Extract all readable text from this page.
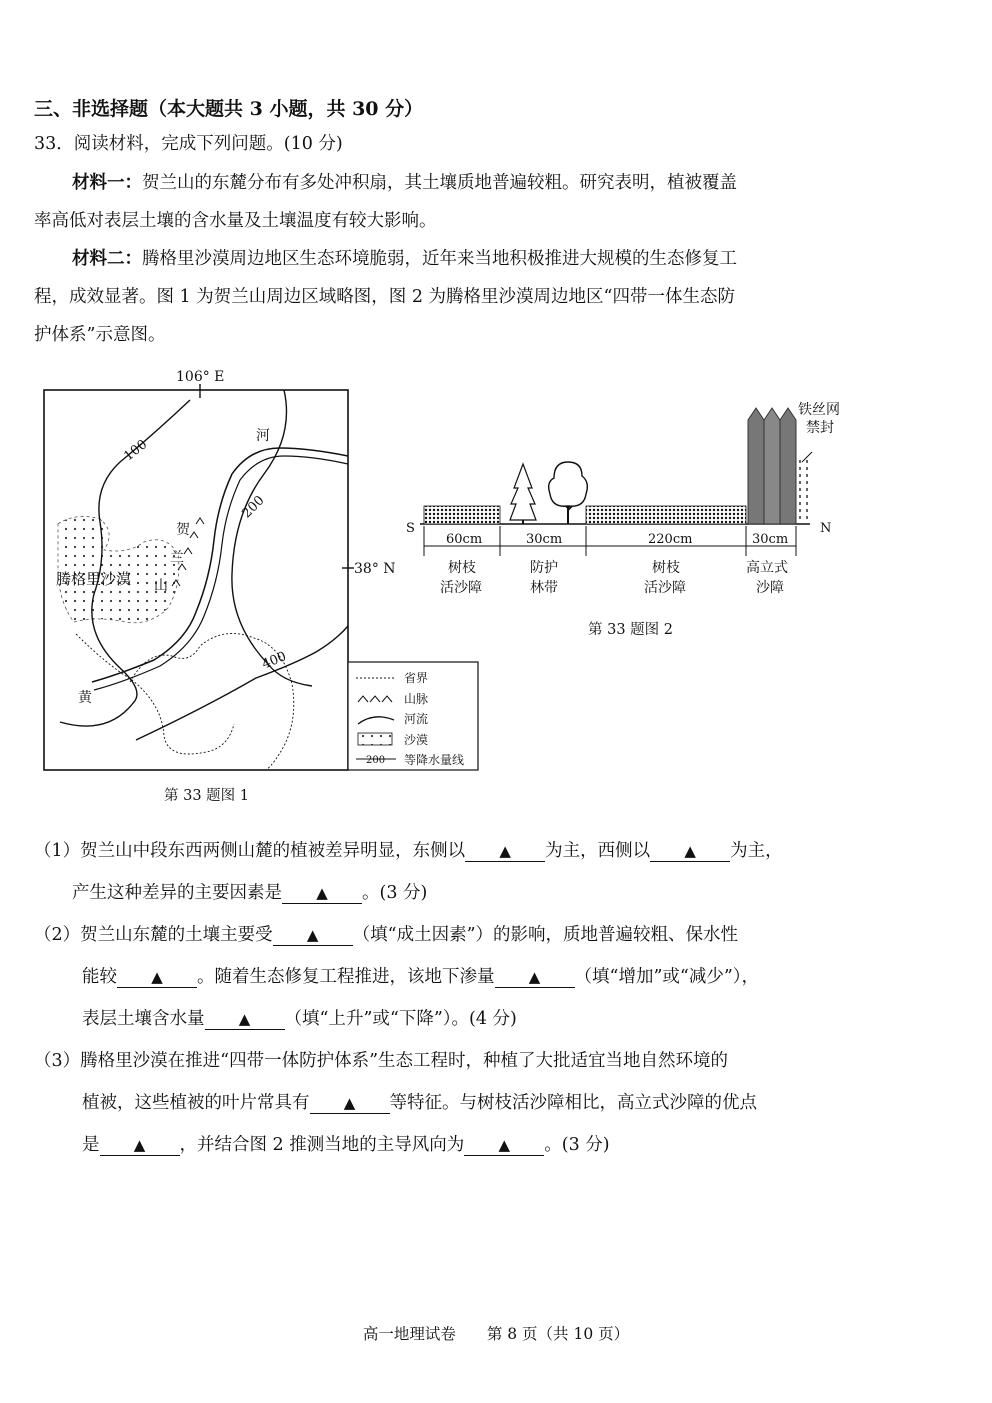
三、非选择题（本大题共 3 小题，共 30 分）
33．阅读材料，完成下列问题。(10 分)
材料一：贺兰山的东麓分布有多处冲积扇，其土壤质地普遍较粗。研究表明，植被覆盖
率高低对表层土壤的含水量及土壤温度有较大影响。
材料二：腾格里沙漠周边地区生态环境脆弱，近年来当地积极推进大规模的生态修复工
程，成效显著。图 1 为贺兰山周边区域略图，图 2 为腾格里沙漠周边地区“四带一体生态防
护体系”示意图。
106° E
38° N
腾格里沙漠
100
200
400
河
黄
贺
兰
山
省界
山脉
河流
沙漠
200 等降水量线
第 33 题图 1
S	N
铁丝网
禁封
60cm	30cm	220cm	30cm
树枝
活沙障
防护
林带
树枝
活沙障
高立式
沙障
第 33 题图 2
（1）贺兰山中段东西两侧山麓的植被差异明显，东侧以 ▲ 为主，西侧以 ▲ 为主，
产生这种差异的主要因素是 ▲ 。(3 分)
（2）贺兰山东麓的土壤主要受 ▲ （填“成土因素”）的影响，质地普遍较粗、保水性
能较 ▲ 。随着生态修复工程推进，该地下渗量 ▲ （填“增加”或“减少”），
表层土壤含水量 ▲ （填“上升”或“下降”）。(4 分)
（3）腾格里沙漠在推进“四带一体防护体系”生态工程时，种植了大批适宜当地自然环境的
植被，这些植被的叶片常具有 ▲ 等特征。与树枝活沙障相比，高立式沙障的优点
是 ▲ ，并结合图 2 推测当地的主导风向为 ▲ 。(3 分)
高一地理试卷　　第 8 页（共 10 页）
